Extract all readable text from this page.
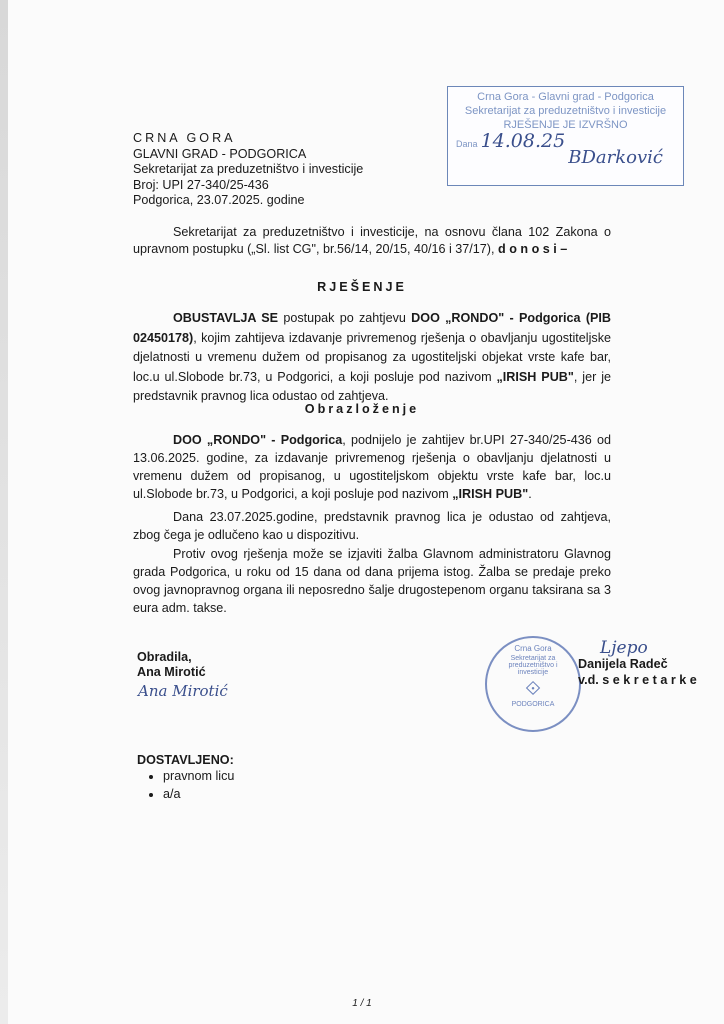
Crna Gora - Glavni grad - Podgorica
Sekretarijat za preduzetništvo i investicije
RJEŠENJE JE IZVRŠNO
Dana 14.08.25
BDarković
CRNA GORA
GLAVNI GRAD - PODGORICA
Sekretarijat za preduzetništvo i investicije
Broj: UPI 27-340/25-436
Podgorica, 23.07.2025. godine
Sekretarijat za preduzetništvo i investicije, na osnovu člana 102 Zakona o upravnom postupku („Sl. list CG", br.56/14, 20/15, 40/16 i 37/17), d o n o s i –
RJEŠENJE
OBUSTAVLJA SE postupak po zahtjevu DOO „RONDO" - Podgorica (PIB 02450178), kojim zahtijeva izdavanje privremenog rješenja o obavljanju ugostiteljske djelatnosti u vremenu dužem od propisanog za ugostiteljski objekat vrste kafe bar, loc.u ul.Slobode br.73, u Podgorici, a koji posluje pod nazivom „IRISH PUB", jer je predstavnik pravnog lica odustao od zahtjeva.
Obrazloženje
DOO „RONDO" - Podgorica, podnijelo je zahtijev br.UPI 27-340/25-436 od 13.06.2025. godine, za izdavanje privremenog rješenja o obavljanju djelatnosti u vremenu dužem od propisanog, u ugostiteljskom objektu vrste kafe bar, loc.u ul.Slobode br.73, u Podgorici, a koji posluje pod nazivom „IRISH PUB".
Dana 23.07.2025.godine, predstavnik pravnog lica je odustao od zahtjeva, zbog čega je odlučeno kao u dispozitivu.
Protiv ovog rješenja može se izjaviti žalba Glavnom administratoru Glavnog grada Podgorica, u roku od 15 dana od dana prijema istog. Žalba se predaje preko ovog javnopravnog organa ili neposredno šalje drugostepenom organu taksirana sa 3 eura adm. takse.
Obradila,
Ana Mirotić
Ana Mirotić
Crna Gora
Sekretarijat za preduzetništvo i investicije
⟐
PODGORICA
Ljepo
Danijela Radeč
v.d. s e k r e t a r k e
DOSTAVLJENO:
• pravnom licu
• a/a
1 / 1
